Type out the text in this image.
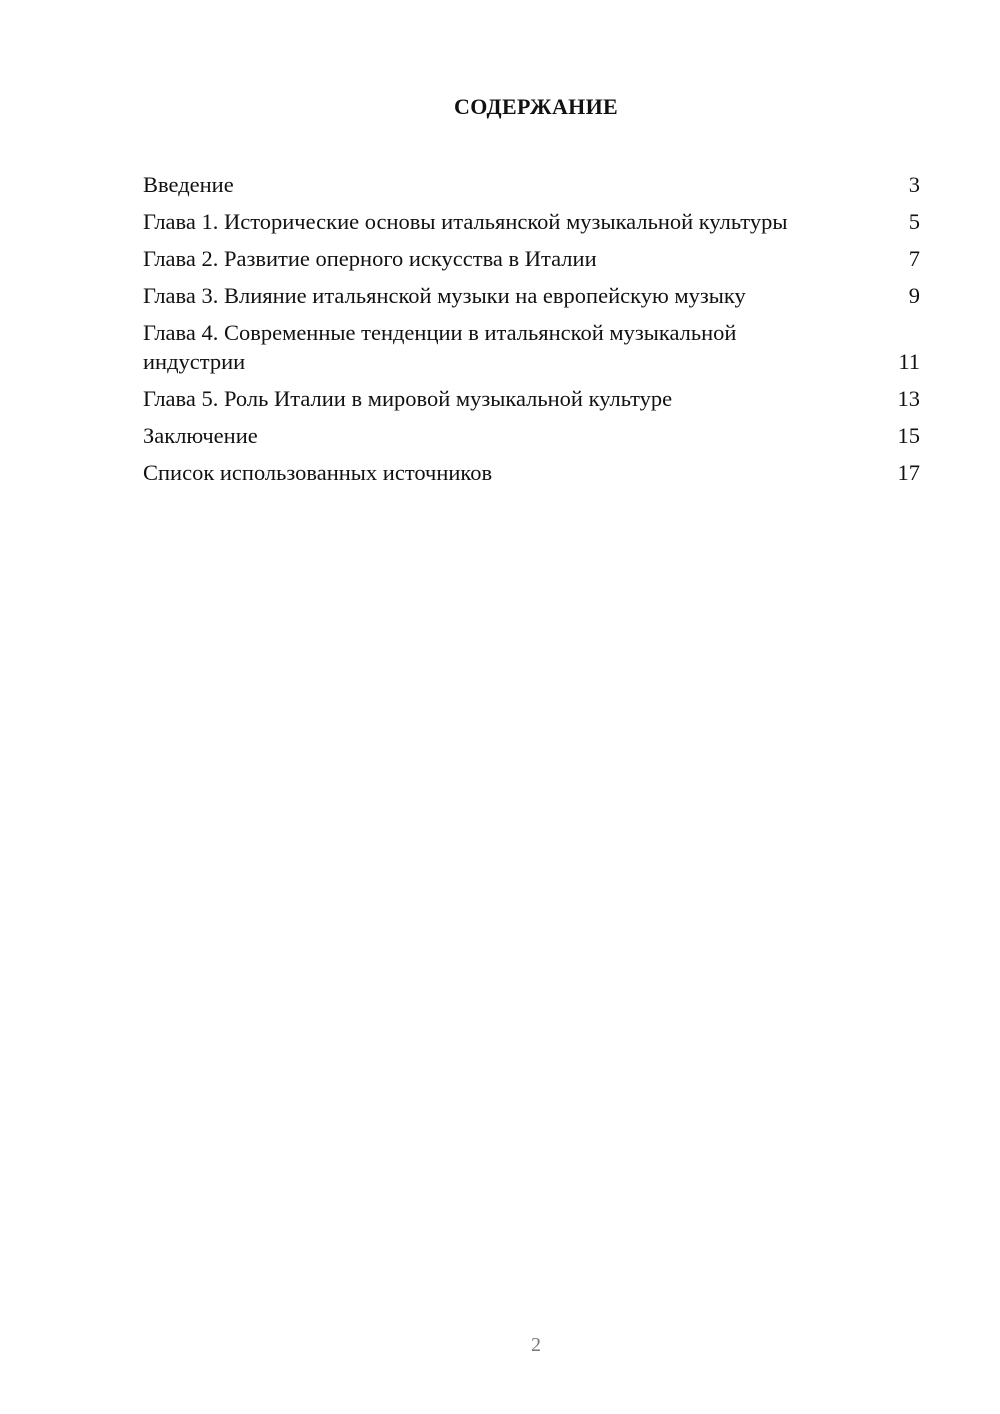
СОДЕРЖАНИЕ
Введение	3
Глава 1. Исторические основы итальянской музыкальной культуры	5
Глава 2. Развитие оперного искусства в Италии	7
Глава 3. Влияние итальянской музыки на европейскую музыку	9
Глава 4. Современные тенденции в итальянской музыкальной индустрии	11
Глава 5. Роль Италии в мировой музыкальной культуре	13
Заключение	15
Список использованных источников	17
2
